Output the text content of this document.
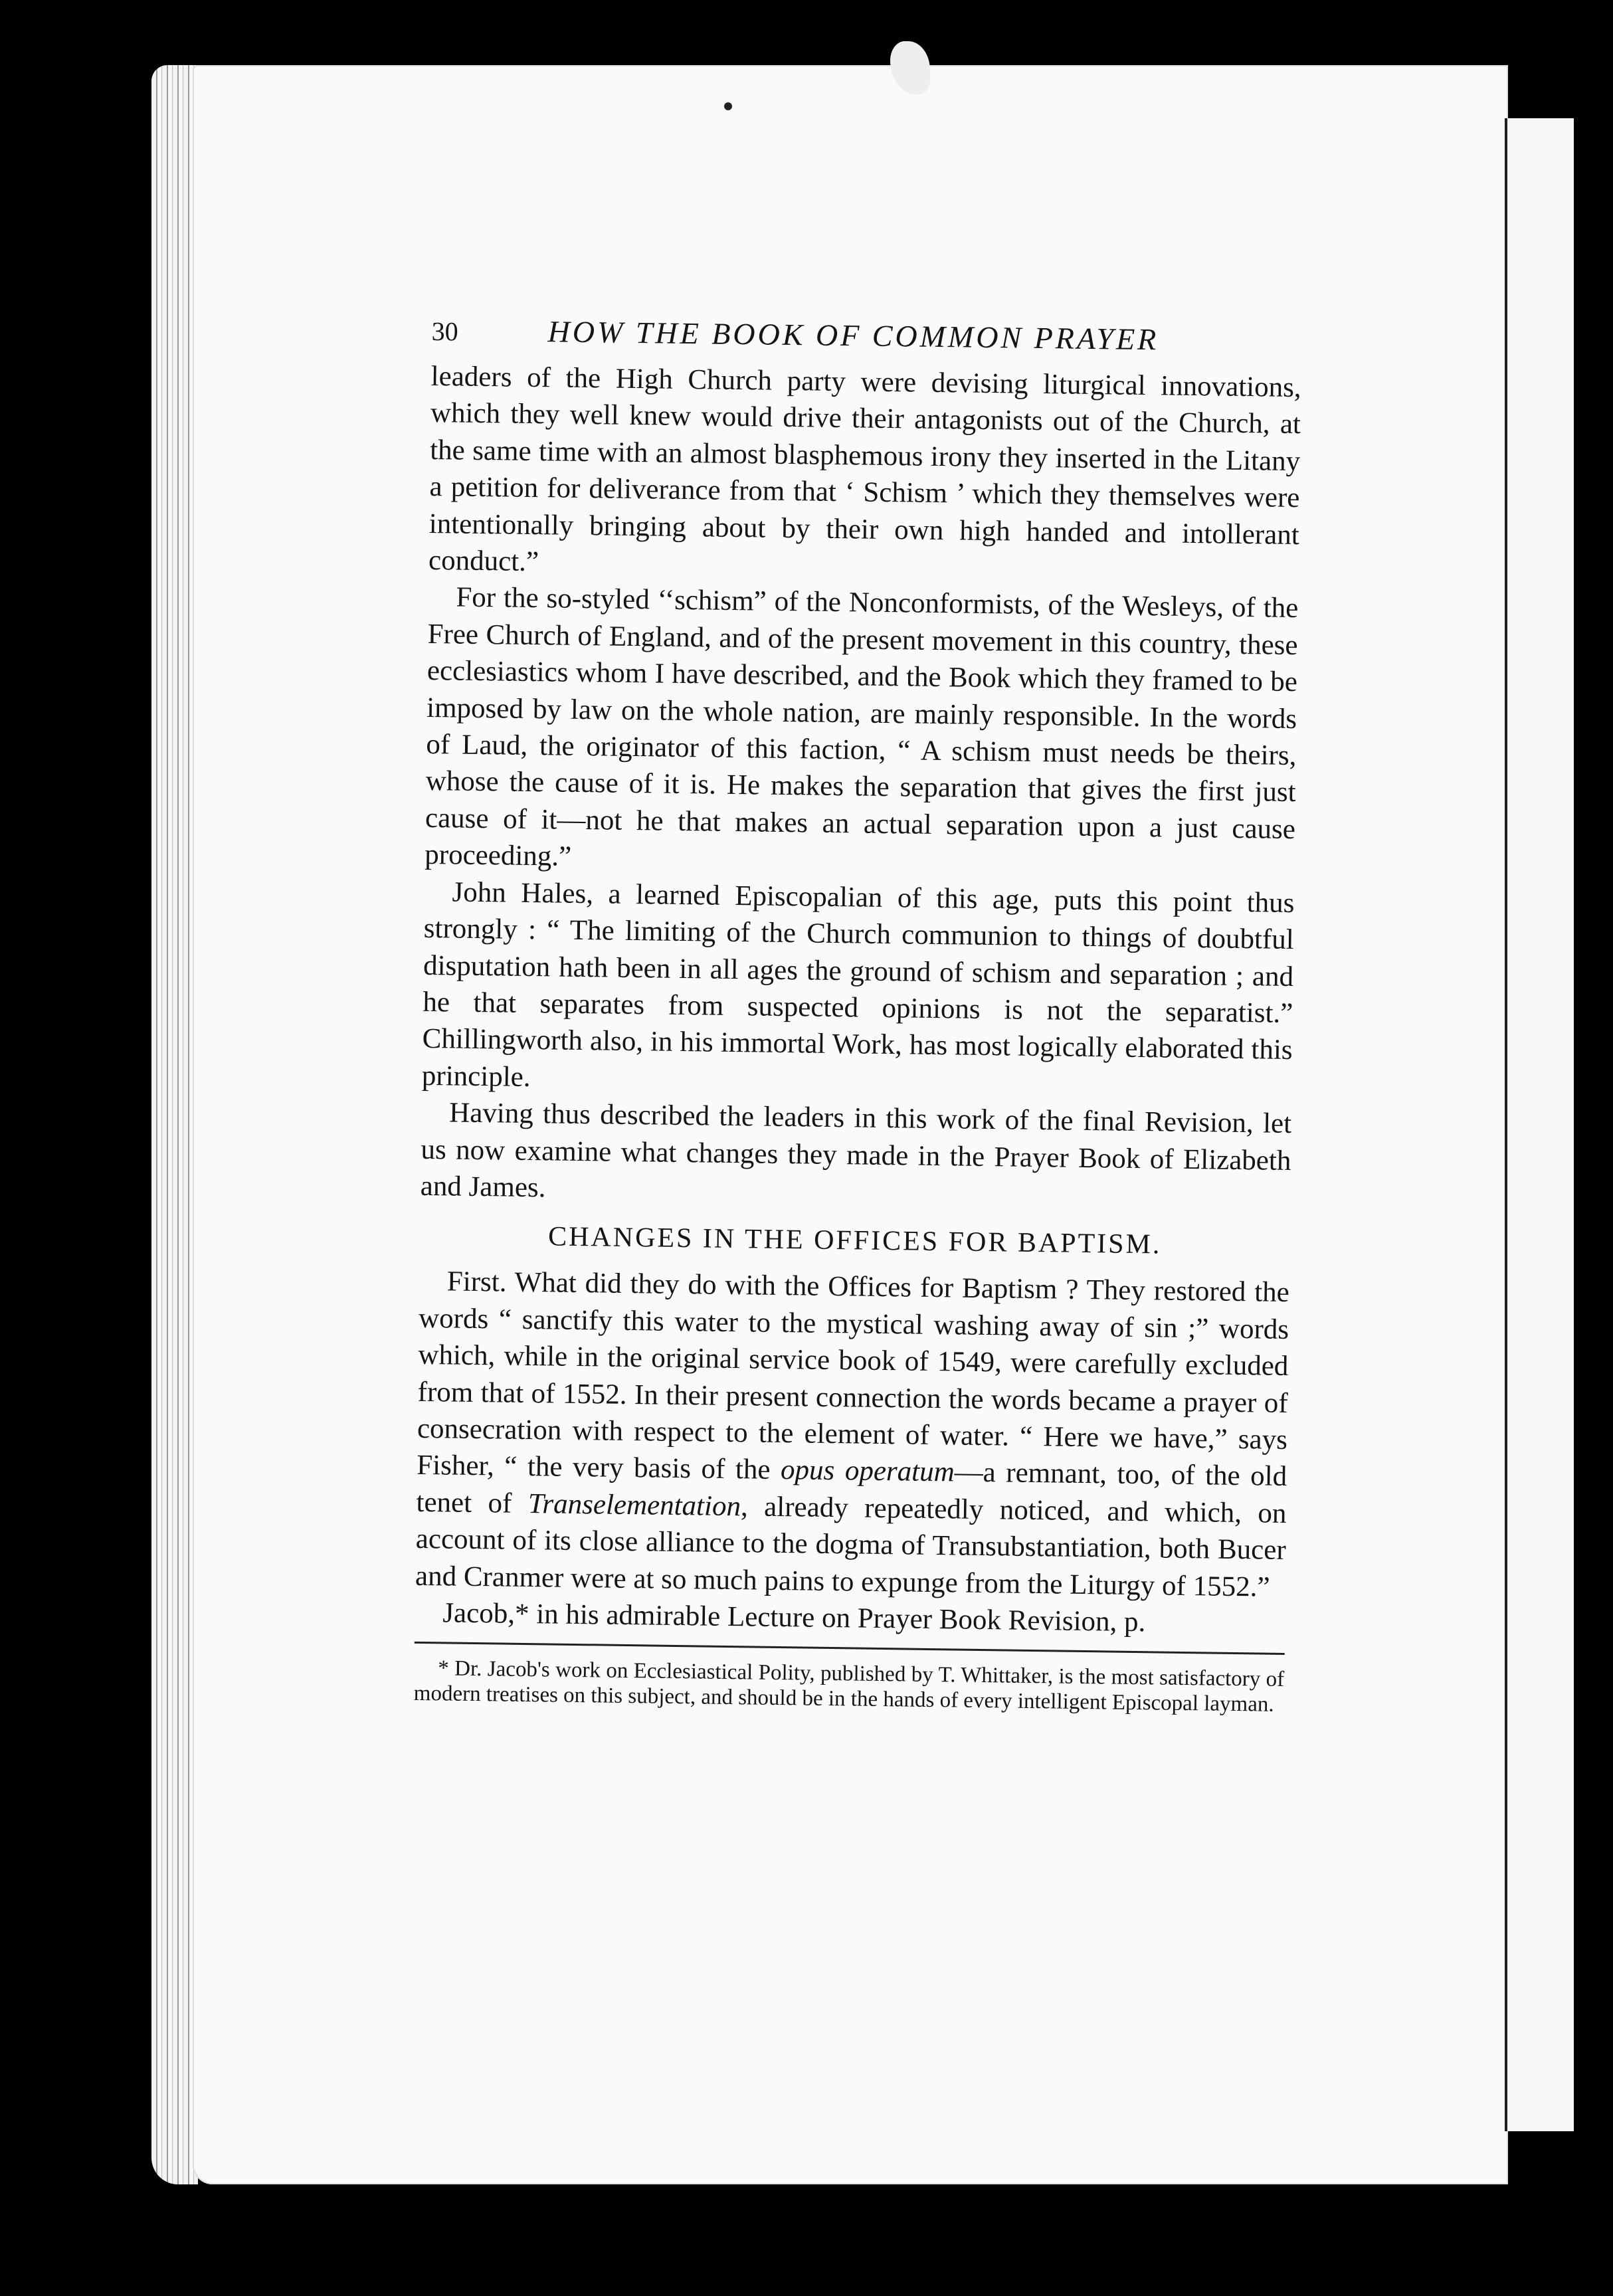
30	HOW THE BOOK OF COMMON PRAYER

leaders of the High Church party were devising liturgical innovations, which they well knew would drive their antagonists out of the Church, at the same time with an almost blasphemous irony they inserted in the Litany a petition for deliverance from that ‘ Schism ’ which they themselves were intentionally bringing about by their own high handed and intollerant conduct.”

For the so-styled ‘‘schism” of the Nonconformists, of the Wesleys, of the Free Church of England, and of the present movement in this country, these ecclesiastics whom I have described, and the Book which they framed to be imposed by law on the whole nation, are mainly responsible. In the words of Laud, the originator of this faction, “ A schism must needs be theirs, whose the cause of it is. He makes the separation that gives the first just cause of it—not he that makes an actual separation upon a just cause proceeding.”

John Hales, a learned Episcopalian of this age, puts this point thus strongly : “ The limiting of the Church communion to things of doubtful disputation hath been in all ages the ground of schism and separation ; and he that separates from suspected opinions is not the separatist.” Chillingworth also, in his immortal Work, has most logically elaborated this principle.

Having thus described the leaders in this work of the final Revision, let us now examine what changes they made in the Prayer Book of Elizabeth and James.

CHANGES IN THE OFFICES FOR BAPTISM.

First. What did they do with the Offices for Baptism ? They restored the words “ sanctify this water to the mystical washing away of sin ;” words which, while in the original service book of 1549, were carefully excluded from that of 1552. In their present connection the words became a prayer of consecration with respect to the element of water. “ Here we have,” says Fisher, “ the very basis of the opus operatum—a remnant, too, of the old tenet of Transelementation, already repeatedly noticed, and which, on account of its close alliance to the dogma of Transubstantiation, both Bucer and Cranmer were at so much pains to expunge from the Liturgy of 1552.”

Jacob,* in his admirable Lecture on Prayer Book Revision, p.

* Dr. Jacob's work on Ecclesiastical Polity, published by T. Whittaker, is the most satisfactory of modern treatises on this subject, and should be in the hands of every intelligent Episcopal layman.
